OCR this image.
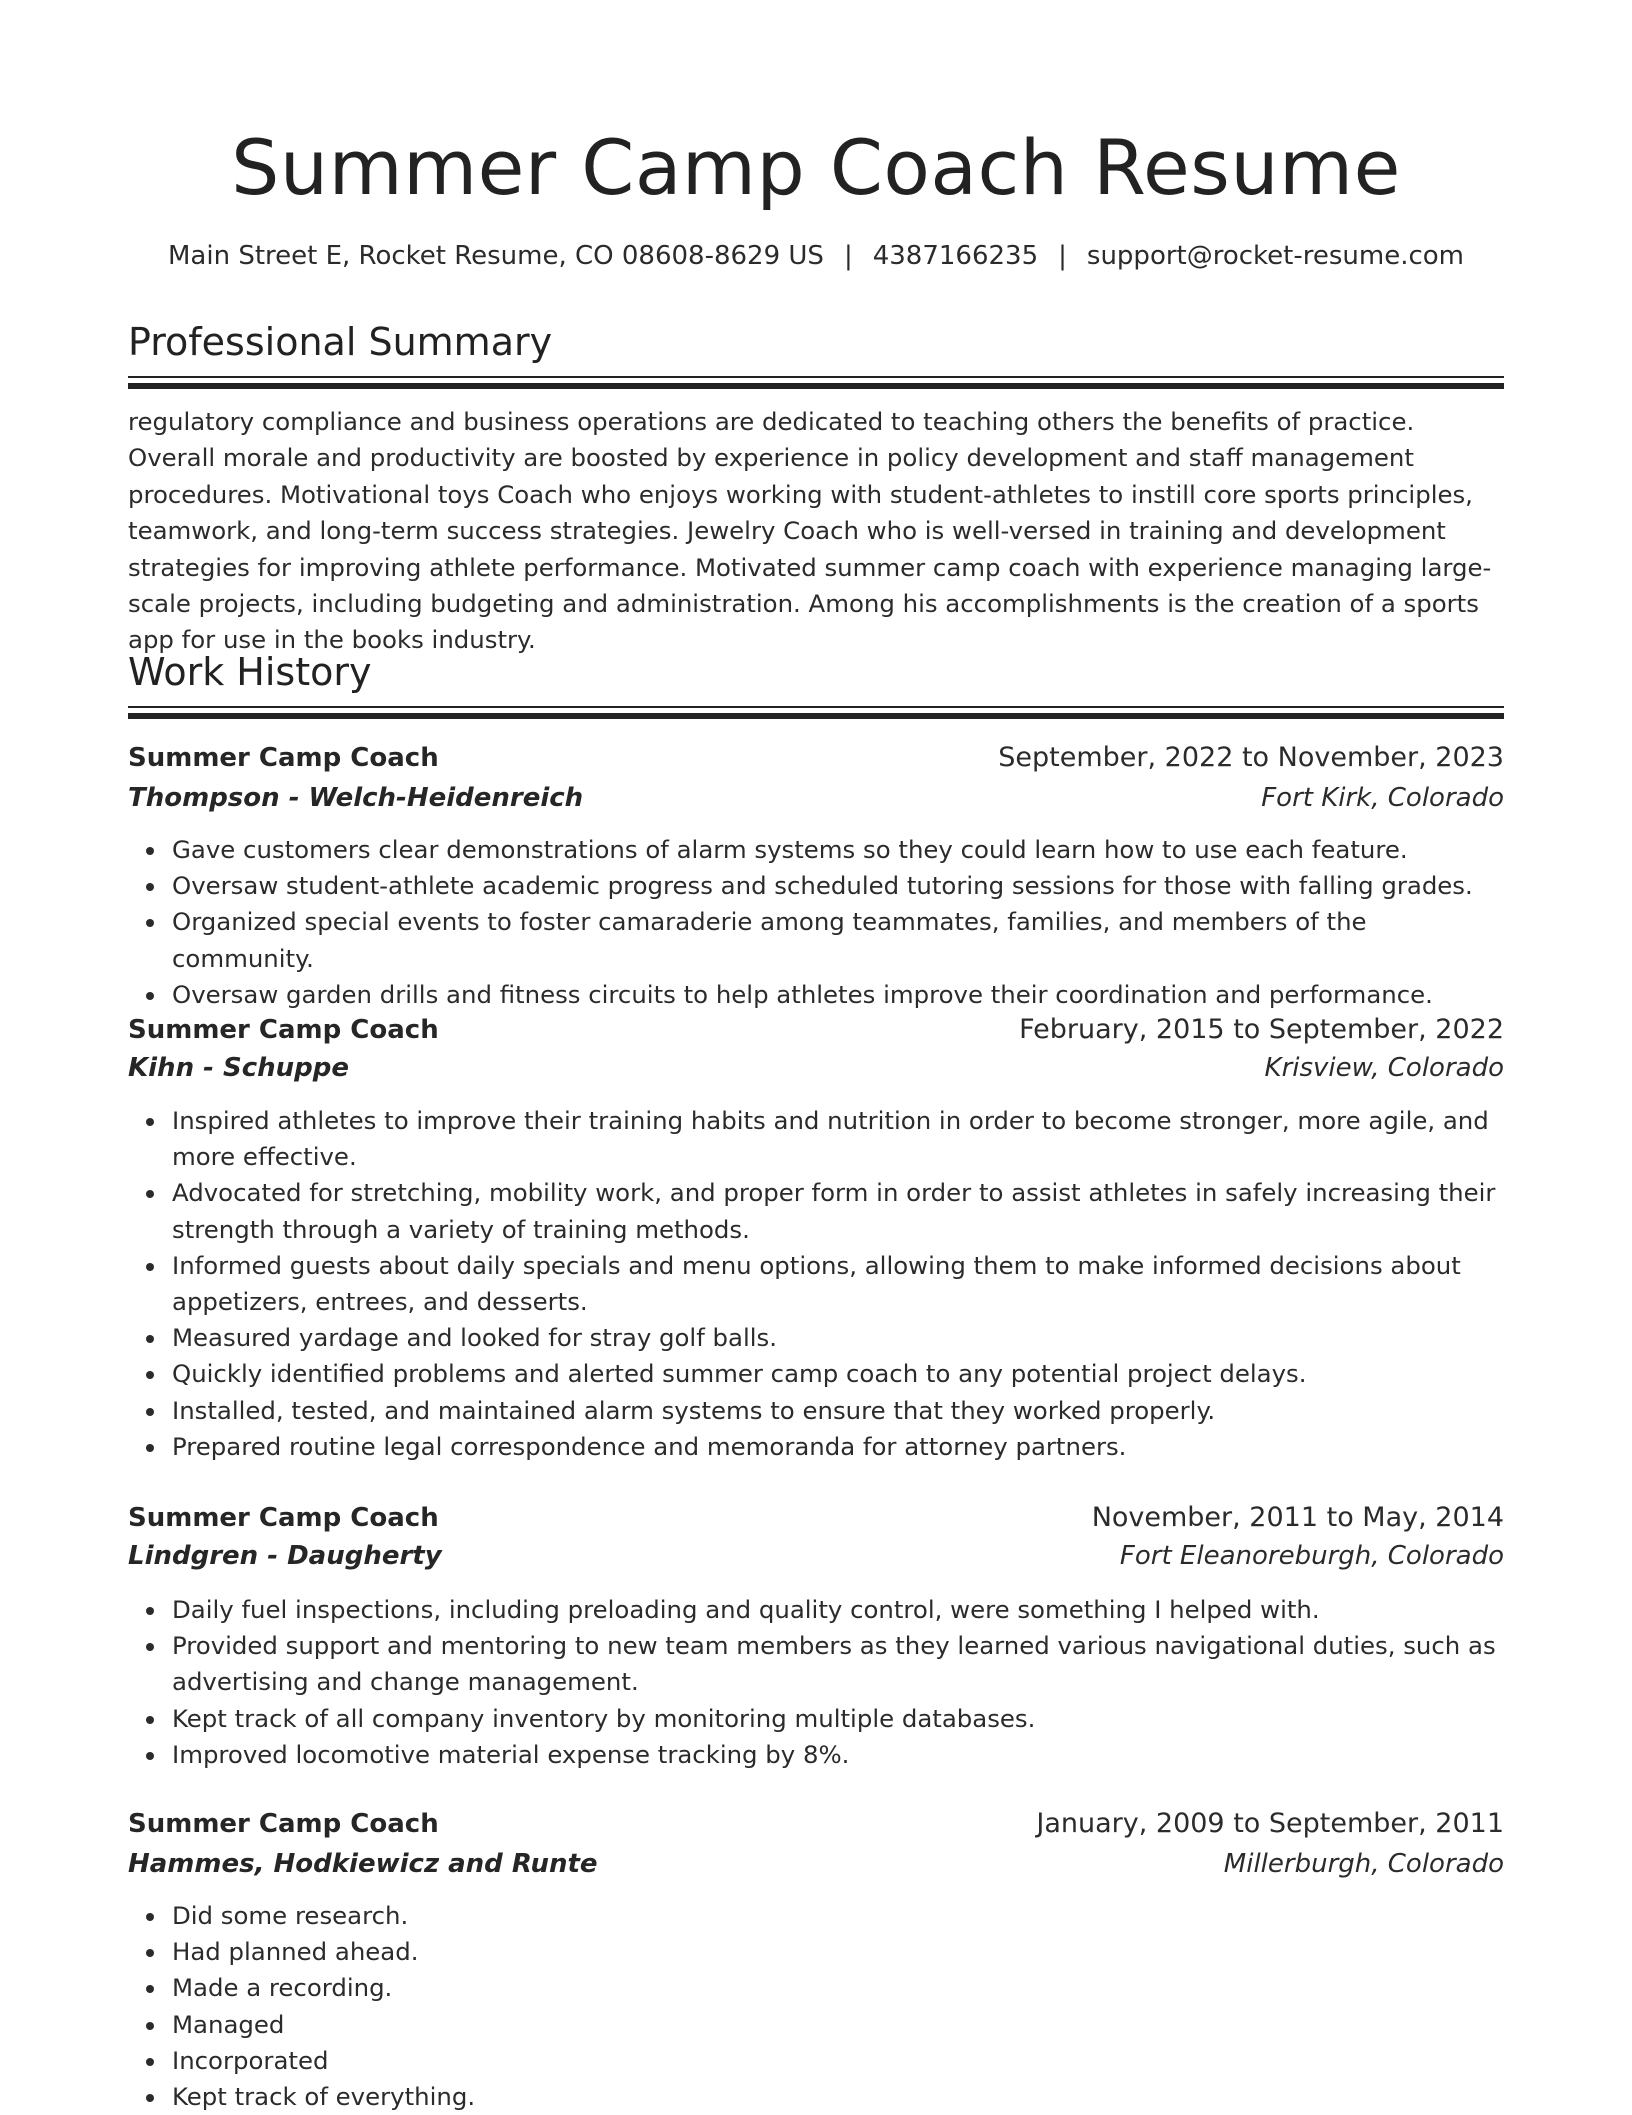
Summer Camp Coach Resume
Main Street E, Rocket Resume, CO 08608-8629 US | 4387166235 | support@rocket-resume.com
Professional Summary

regulatory compliance and business operations are dedicated to teaching others the benefits of practice. Overall morale and productivity are boosted by experience in policy development and staff management procedures. Motivational toys Coach who enjoys working with student-athletes to instill core sports principles, teamwork, and long-term success strategies. Jewelry Coach who is well-versed in training and development strategies for improving athlete performance. Motivated summer camp coach with experience managing large-scale projects, including budgeting and administration. Among his accomplishments is the creation of a sports app for use in the books industry.

Work History
Summer Camp Coach	September, 2022 to November, 2023
Thompson - Welch-Heidenreich	Fort Kirk, Colorado
Gave customers clear demonstrations of alarm systems so they could learn how to use each feature.
Oversaw student-athlete academic progress and scheduled tutoring sessions for those with falling grades.
Organized special events to foster camaraderie among teammates, families, and members of the community.
Oversaw garden drills and fitness circuits to help athletes improve their coordination and performance.
Summer Camp Coach	February, 2015 to September, 2022
Kihn - Schuppe	Krisview, Colorado
Inspired athletes to improve their training habits and nutrition in order to become stronger, more agile, and more effective.
Advocated for stretching, mobility work, and proper form in order to assist athletes in safely increasing their strength through a variety of training methods.
Informed guests about daily specials and menu options, allowing them to make informed decisions about appetizers, entrees, and desserts.
Measured yardage and looked for stray golf balls.
Quickly identified problems and alerted summer camp coach to any potential project delays.
Installed, tested, and maintained alarm systems to ensure that they worked properly.
Prepared routine legal correspondence and memoranda for attorney partners.
Summer Camp Coach	November, 2011 to May, 2014
Lindgren - Daugherty	Fort Eleanoreburgh, Colorado
Daily fuel inspections, including preloading and quality control, were something I helped with.
Provided support and mentoring to new team members as they learned various navigational duties, such as advertising and change management.
Kept track of all company inventory by monitoring multiple databases.
Improved locomotive material expense tracking by 8%.
Summer Camp Coach	January, 2009 to September, 2011
Hammes, Hodkiewicz and Runte	Millerburgh, Colorado
Did some research.
Had planned ahead.
Made a recording.
Managed
Incorporated
Kept track of everything.
